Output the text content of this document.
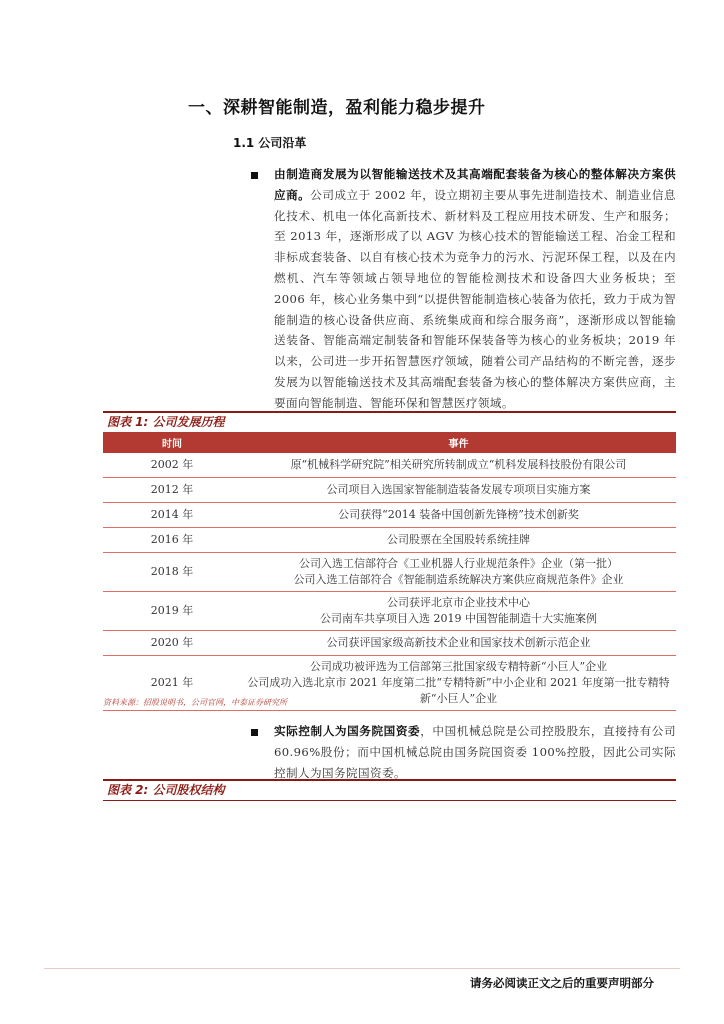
一、深耕智能制造，盈利能力稳步提升
1.1 公司沿革
由制造商发展为以智能输送技术及其高端配套装备为核心的整体解决方案供应商。公司成立于 2002 年，设立期初主要从事先进制造技术、制造业信息化技术、机电一体化高新技术、新材料及工程应用技术研发、生产和服务；至 2013 年，逐渐形成了以 AGV 为核心技术的智能输送工程、冶金工程和非标成套装备、以自有核心技术为竞争力的污水、污泥环保工程，以及在内燃机、汽车等领域占领导地位的智能检测技术和设备四大业务板块；至 2006 年，核心业务集中到“以提供智能制造核心装备为依托，致力于成为智能制造的核心设备供应商、系统集成商和综合服务商”，逐渐形成以智能输送装备、智能高端定制装备和智能环保装备等为核心的业务板块；2019 年以来，公司进一步开拓智慧医疗领域，随着公司产品结构的不断完善，逐步发展为以智能输送技术及其高端配套装备为核心的整体解决方案供应商，主要面向智能制造、智能环保和智慧医疗领域。
图表 1: 公司发展历程
时间	事件
2002 年	原“机械科学研究院”相关研究所转制成立“机科发展科技股份有限公司
2012 年	公司项目入选国家智能制造装备发展专项项目实施方案
2014 年	公司获得“2014 装备中国创新先锋榜”技术创新奖
2016 年	公司股票在全国股转系统挂牌
2018 年	公司入选工信部符合《工业机器人行业规范条件》企业（第一批）
公司入选工信部符合《智能制造系统解决方案供应商规范条件》企业
2019 年	公司获评北京市企业技术中心
公司南车共享项目入选 2019 中国智能制造十大实施案例
2020 年	公司获评国家级高新技术企业和国家技术创新示范企业
2021 年	公司成功被评选为工信部第三批国家级专精特新“小巨人”企业
公司成功入选北京市 2021 年度第二批“专精特新”中小企业和 2021 年度第一批专精特新“小巨人”企业
资料来源：招股说明书，公司官网，中泰证券研究所
实际控制人为国务院国资委，中国机械总院是公司控股股东，直接持有公司 60.96%股份；而中国机械总院由国务院国资委 100%控股，因此公司实际控制人为国务院国资委。
图表 2: 公司股权结构
请务必阅读正文之后的重要声明部分
